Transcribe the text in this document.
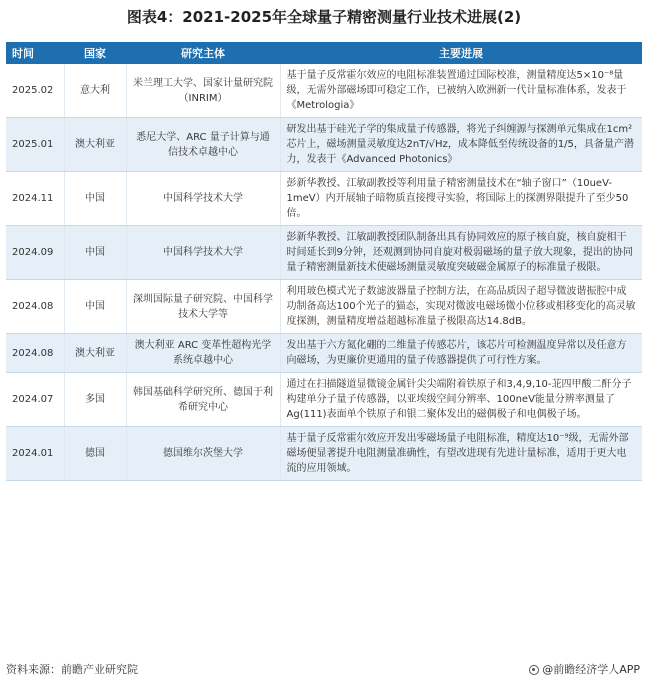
图表4：2021-2025年全球量子精密测量行业技术进展(2)
时间	国家	研究主体	主要进展
2025.02	意大利	米兰理工大学、国家计量研究院（INRIM）	基于量子反常霍尔效应的电阻标准装置通过国际校准，测量精度达5×10⁻⁸量级，无需外部磁场即可稳定工作，已被纳入欧洲新一代计量标准体系，发表于《Metrologia》
2025.01	澳大利亚	悉尼大学、ARC 量子计算与通信技术卓越中心	研发出基于硅光子学的集成量子传感器，将光子纠缠源与探测单元集成在1cm²芯片上，磁场测量灵敏度达2nT/√Hz，成本降低至传统设备的1/5，具备量产潜力，发表于《Advanced Photonics》
2024.11	中国	中国科学技术大学	彭新华教授、江敏副教授等利用量子精密测量技术在“轴子窗口”（10ueV-1meV）内开展轴子暗物质直接搜寻实验，将国际上的探测界限提升了至少50倍。
2024.09	中国	中国科学技术大学	彭新华教授、江敏副教授团队制备出具有协同效应的原子核自旋，核自旋相干时间延长到9分钟，还观测到协同自旋对极弱磁场的量子放大现象，提出的协同量子精密测量新技术使磁场测量灵敏度突破磁金属原子的标准量子极限。
2024.08	中国	深圳国际量子研究院、中国科学技术大学等	利用玻色模式光子数滤波器量子控制方法，在高品质因子超导微波谐振腔中成功制备高达100个光子的猫态，实现对微波电磁场微小位移或相移变化的高灵敏度探测，测量精度增益超越标准量子极限高达14.8dB。
2024.08	澳大利亚	澳大利亚 ARC 变革性超构光学系统卓越中心	发出基于六方氮化硼的二维量子传感芯片，该芯片可检测温度异常以及任意方向磁场，为更廉价更通用的量子传感器提供了可行性方案。
2024.07	多国	韩国基础科学研究所、德国于利希研究中心	通过在扫描隧道显微镜金属针尖尖端附着铁原子和3,4,9,10-苝四甲酸二酐分子构建单分子量子传感器，以亚埃级空间分辨率、100neV能量分辨率测量了Ag(111)表面单个铁原子和银二聚体发出的磁偶极子和电偶极子场。
2024.01	德国	德国维尔茨堡大学	基于量子反常霍尔效应开发出零磁场量子电阻标准，精度达10⁻⁹级，无需外部磁场便显著提升电阻测量准确性，有望改进现有先进计量标准，适用于更大电流的应用领域。
资料来源：前瞻产业研究院	@前瞻经济学人APP
